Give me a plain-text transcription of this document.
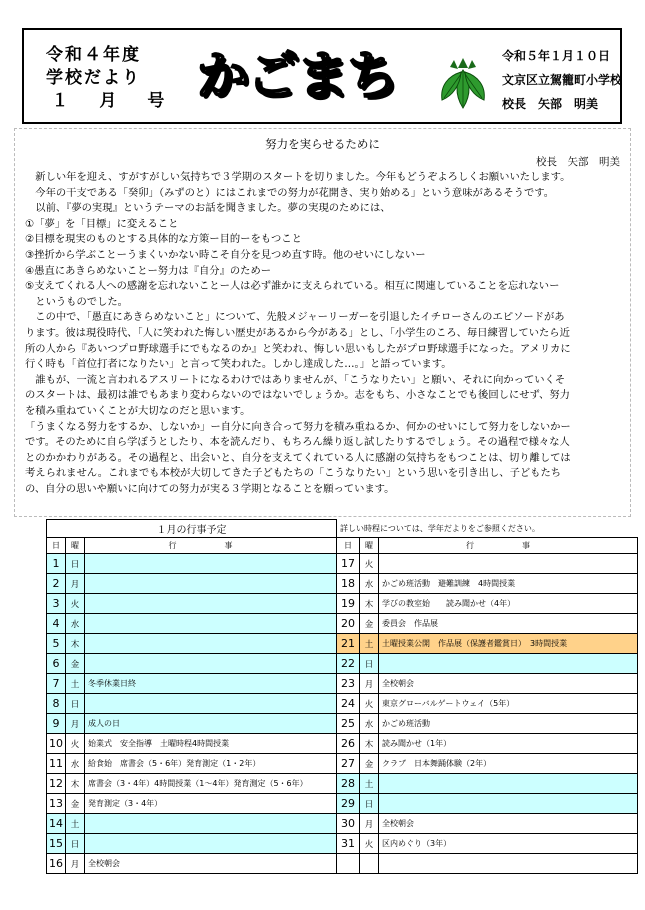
令和４年度
学校だより
１ 月 号 かごまち	令和５年１月１０日
文京区立駕籠町小学校
校長　矢部　明美
努力を実らせるために
校長　矢部　明美

　新しい年を迎え、すがすがしい気持ちで３学期のスタートを切りました。今年もどうぞよろしくお願いいたします。

　今年の干支である「癸卯」（みずのと）にはこれまでの努力が花開き、実り始める」という意味があるそうです。

　以前、『夢の実現』というテーマのお話を聞きました。夢の実現のためには、

①「夢」を「目標」に変えること

②目標を現実のものとする具体的な方策ー目的ーをもつこと

③挫折から学ぶことーうまくいかない時こそ自分を見つめ直す時。他のせいにしないー

④愚直にあきらめないことー努力は『自分』のためー

⑤支えてくれる人への感謝を忘れないことー人は必ず誰かに支えられている。相互に関連していることを忘れないー

　というものでした。

　この中で、「愚直にあきらめないこと」について、先般メジャーリーガーを引退したイチローさんのエピソードがあ

ります。彼は現役時代、「人に笑われた悔しい歴史があるから今がある」とし、「小学生のころ、毎日練習していたら近

所の人から『あいつプロ野球選手にでもなるのか』と笑われ、悔しい思いもしたがプロ野球選手になった。アメリカに

行く時も「首位打者になりたい」と言って笑われた。しかし達成した…。」と語っています。

　誰もが、一流と言われるアスリートになるわけではありませんが、「こうなりたい」と願い、それに向かっていくそ

のスタートは、最初は誰でもあまり変わらないのではないでしょうか。志をもち、小さなことでも後回しにせず、努力

を積み重ねていくことが大切なのだと思います。

「うまくなる努力をするか、しないか」ー自分に向き合って努力を積み重ねるか、何かのせいにして努力をしないかー

です。そのために自ら学ぼうとしたり、本を読んだり、もちろん繰り返し試したりするでしょう。その過程で様々な人

とのかかわりがある。その過程と、出会いと、自分を支えてくれている人に感謝の気持ちをもつことは、切り離しては

考えられません。これまでも本校が大切してきた子どもたちの「こうなりたい」という思いを引き出し、子どもたち

の、自分の思いや願いに向けての努力が実る３学期となることを願っています。

１月の行事予定			詳しい時程については、学年だよりをご参照ください。		
日	曜	行　事	日	曜	行　事
1	日		17	火	
2	月		18	水	かごめ班活動　避難訓練　4時間授業
3	火		19	木	学びの教室始　　読み聞かせ（4年）
4	水		20	金	委員会　作品展
5	木		21	土	土曜授業公開　作品展（保護者鑑賞日）　3時間授業
6	金		22	日	
7	土	冬季休業日終	23	月	全校朝会
8	日		24	火	東京グローバルゲートウェイ（5年）
9	月	成人の日	25	水	かごめ班活動
10	火	始業式　安全指導　土曜時程4時間授業	26	木	読み聞かせ（1年）
11	水	給食始　席書会（5・6年）発育測定（1・2年）	27	金	クラブ　日本舞踊体験（2年）
12	木	席書会（3・4年）4時間授業（1～4年）発育測定（5・6年）	28	土	
13	金	発育測定（3・4年）	29	日	
14	土		30	月	全校朝会
15	日		31	火	区内めぐり（3年）
16	月	全校朝会			
